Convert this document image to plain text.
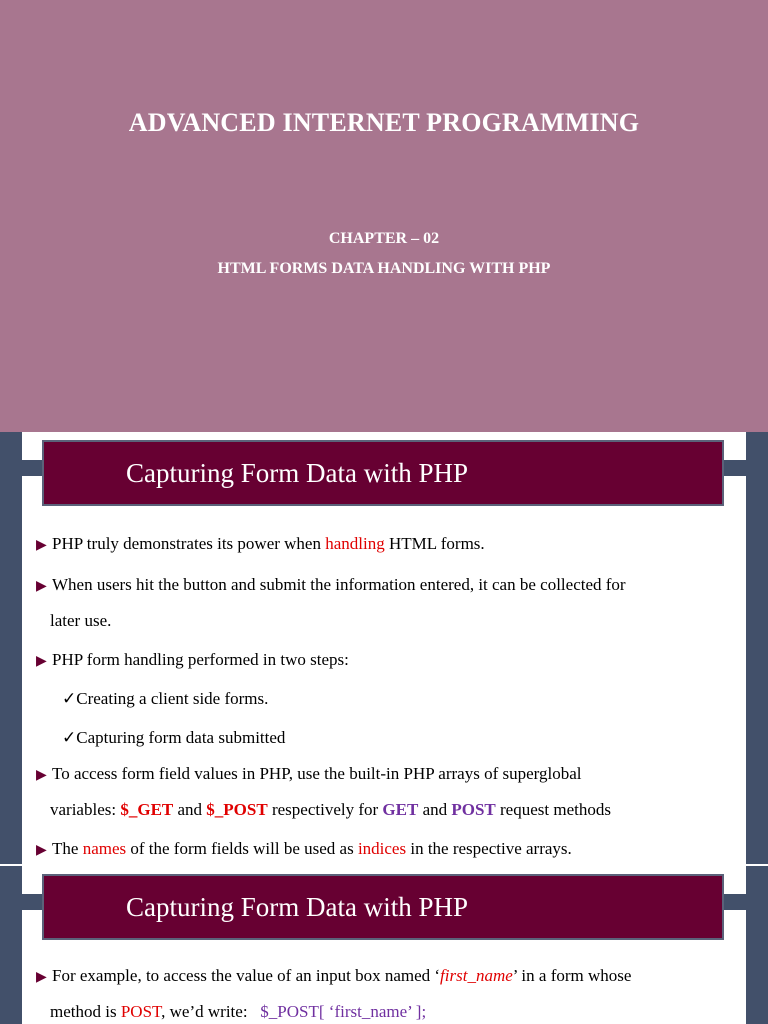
ADVANCED INTERNET PROGRAMMING
CHAPTER – 02
HTML FORMS DATA HANDLING WITH PHP
Capturing Form Data with PHP

▶ PHP truly demonstrates its power when handling HTML forms.

▶ When users hit the button and submit the information entered, it can be collected for

later use.

▶ PHP form handling performed in two steps:

✓Creating a client side forms.
✓Capturing form data submitted

▶ To access form field values in PHP, use the built-in PHP arrays of superglobal

variables: $_GET and $_POST respectively for GET and POST request methods

▶ The names of the form fields will be used as indices in the respective arrays.

Capturing Form Data with PHP

▶ For example, to access the value of an input box named ‘first_name’ in a form whose

method is POST, we’d write:   $_POST[ ‘first_name’ ];
